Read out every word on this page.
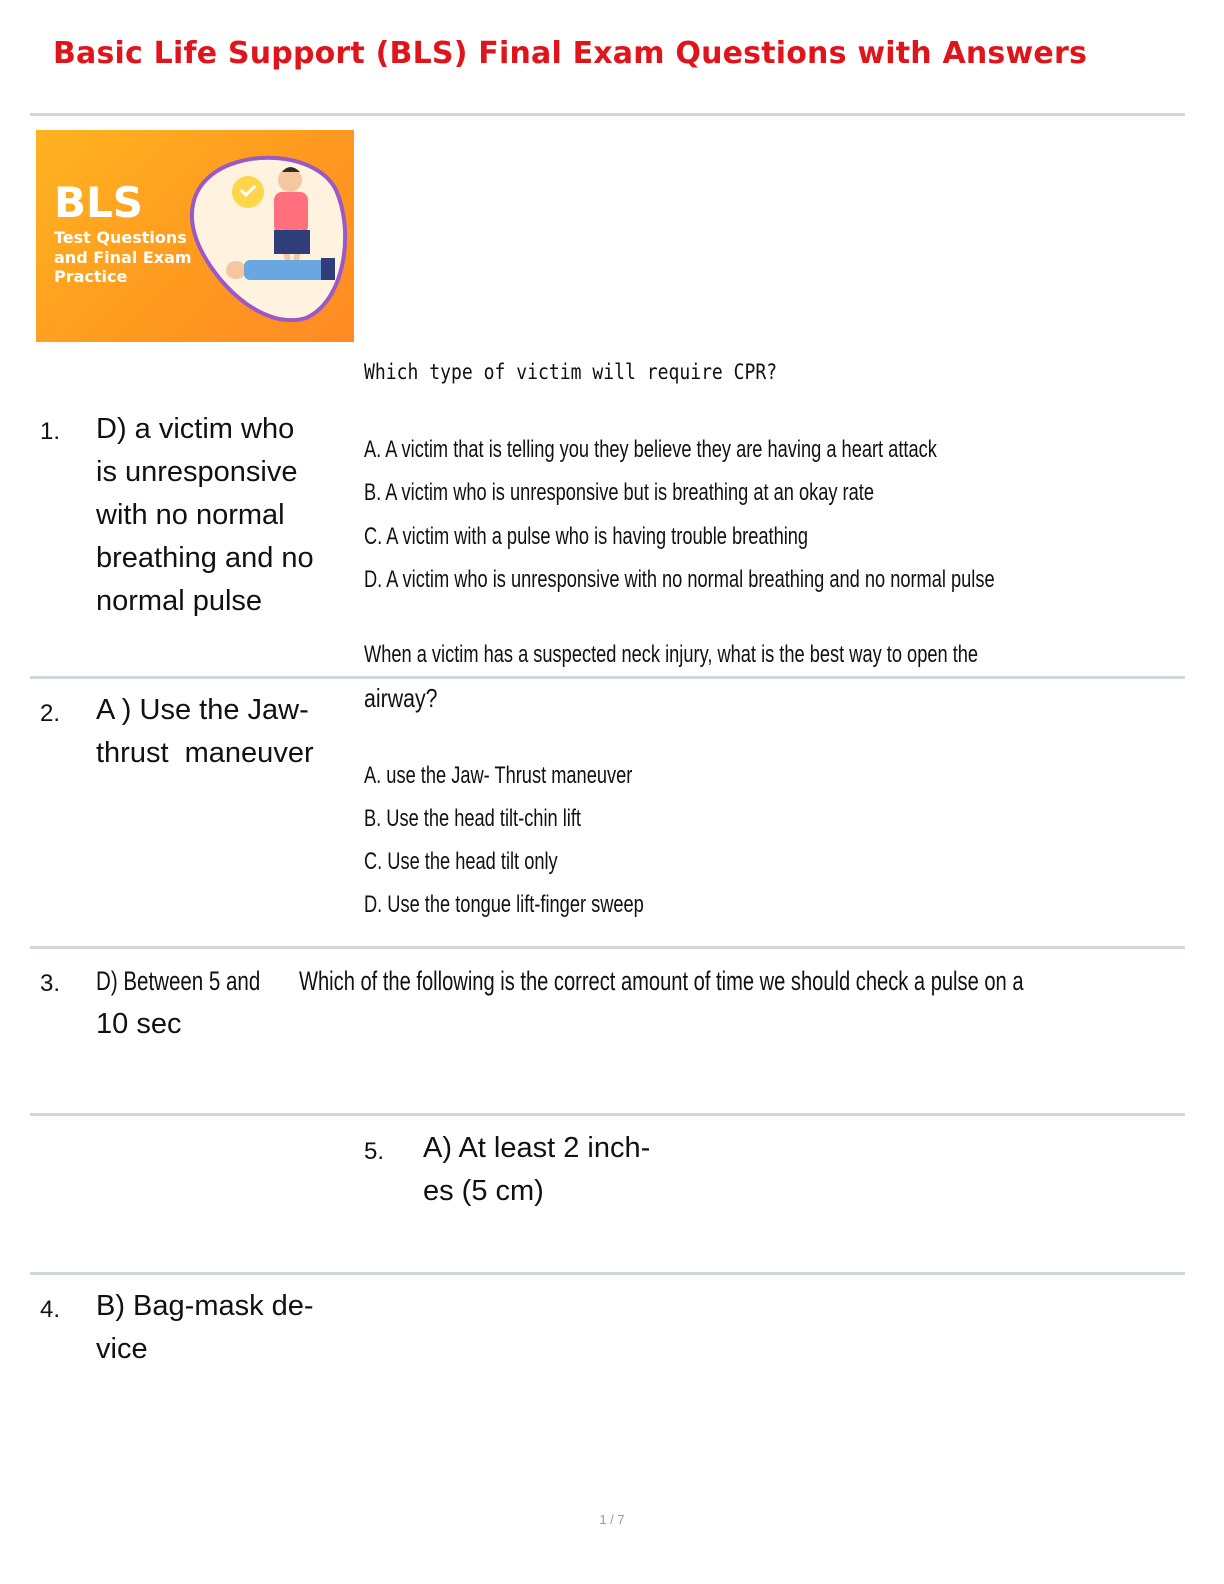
Basic Life Support (BLS) Final Exam Questions with Answers
BLS
Test Questions
and Final Exam
Practice
Which type of victim will require CPR?
1. D) a victim who
is unresponsive
with no normal
breathing and no
normal pulse
A. A victim that is telling you they believe they are having a heart attack
B. A victim who is unresponsive but is breathing at an okay rate
C. A victim with a pulse who is having trouble breathing
D. A victim who is unresponsive with no normal breathing and no normal pulse
When a victim has a suspected neck injury, what is the best way to open the
airway?
2. A ) Use the Jaw-
thrust  maneuver
A. use the Jaw- Thrust maneuver
B. Use the head tilt-chin lift
C. Use the head tilt only
D. Use the tongue lift-finger sweep
3. D) Between 5 and	Which of the following is the correct amount of time we should check a pulse on a
10 sec
5. A) At least 2 inch-
es (5 cm)
4. B) Bag-mask de-
vice
1 / 7
